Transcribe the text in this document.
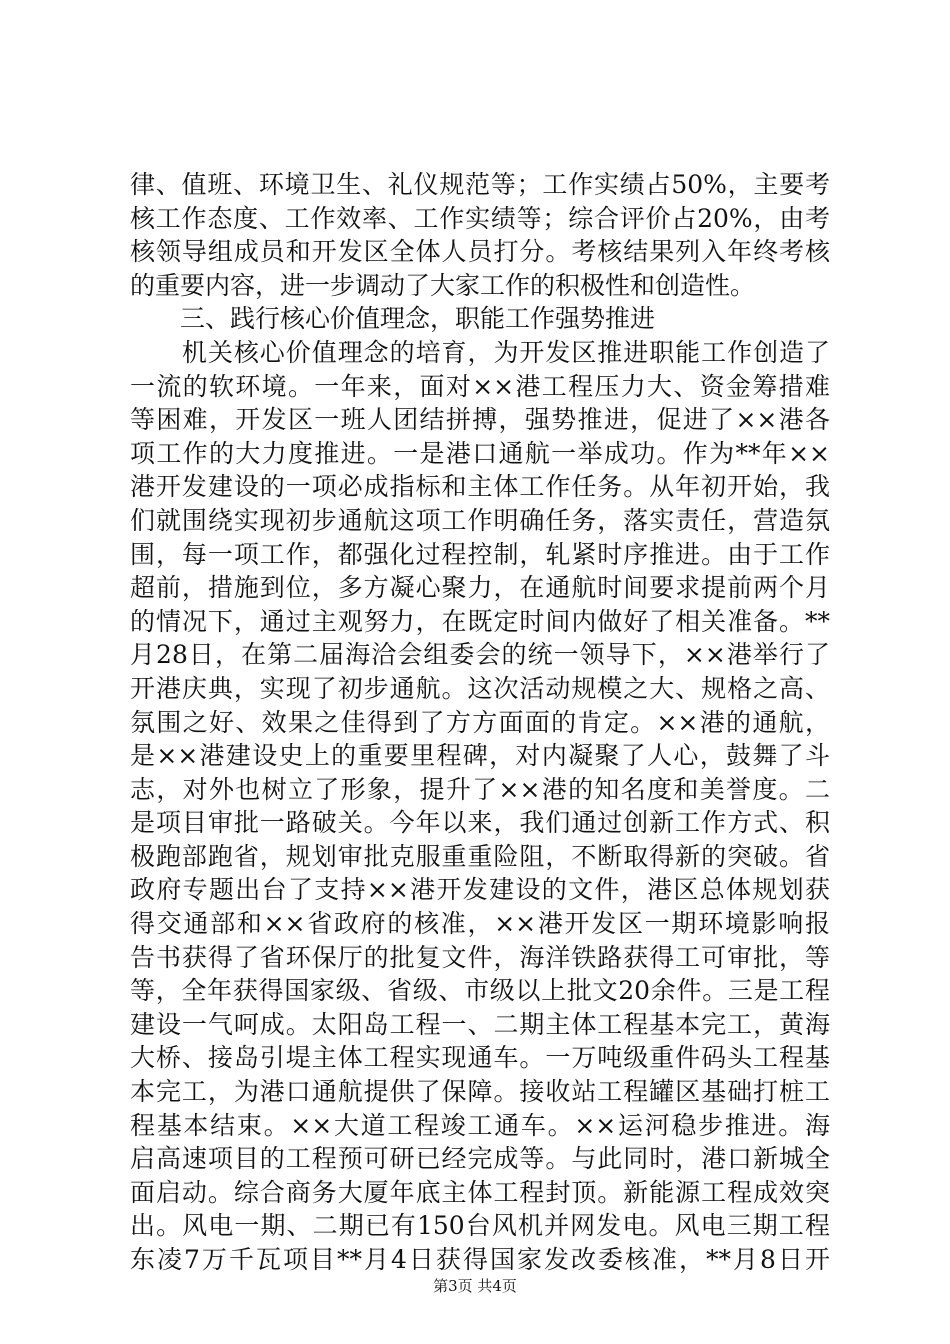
律、值班、环境卫生、礼仪规范等；工作实绩占50%，主要考
核工作态度、工作效率、工作实绩等；综合评价占20%，由考
核领导组成员和开发区全体人员打分。考核结果列入年终考核
的重要内容，进一步调动了大家工作的积极性和创造性。
　　三、践行核心价值理念，职能工作强势推进
　　机关核心价值理念的培育，为开发区推进职能工作创造了
一流的软环境。一年来，面对××港工程压力大、资金筹措难
等困难，开发区一班人团结拼搏，强势推进，促进了××港各
项工作的大力度推进。一是港口通航一举成功。作为**年××
港开发建设的一项必成指标和主体工作任务。从年初开始，我
们就围绕实现初步通航这项工作明确任务，落实责任，营造氛
围，每一项工作，都强化过程控制，轧紧时序推进。由于工作
超前，措施到位，多方凝心聚力，在通航时间要求提前两个月
的情况下，通过主观努力，在既定时间内做好了相关准备。**
月28日，在第二届海洽会组委会的统一领导下，××港举行了
开港庆典，实现了初步通航。这次活动规模之大、规格之高、
氛围之好、效果之佳得到了方方面面的肯定。××港的通航，
是××港建设史上的重要里程碑，对内凝聚了人心，鼓舞了斗
志，对外也树立了形象，提升了××港的知名度和美誉度。二
是项目审批一路破关。今年以来，我们通过创新工作方式、积
极跑部跑省，规划审批克服重重险阻，不断取得新的突破。省
政府专题出台了支持××港开发建设的文件，港区总体规划获
得交通部和××省政府的核准，××港开发区一期环境影响报
告书获得了省环保厅的批复文件，海洋铁路获得工可审批，等
等，全年获得国家级、省级、市级以上批文20余件。三是工程
建设一气呵成。太阳岛工程一、二期主体工程基本完工，黄海
大桥、接岛引堤主体工程实现通车。一万吨级重件码头工程基
本完工，为港口通航提供了保障。接收站工程罐区基础打桩工
程基本结束。××大道工程竣工通车。××运河稳步推进。海
启高速项目的工程预可研已经完成等。与此同时，港口新城全
面启动。综合商务大厦年底主体工程封顶。新能源工程成效突
出。风电一期、二期已有150台风机并网发电。风电三期工程
东凌7万千瓦项目**月4日获得国家发改委核准，**月8日开
第3页 共4页
